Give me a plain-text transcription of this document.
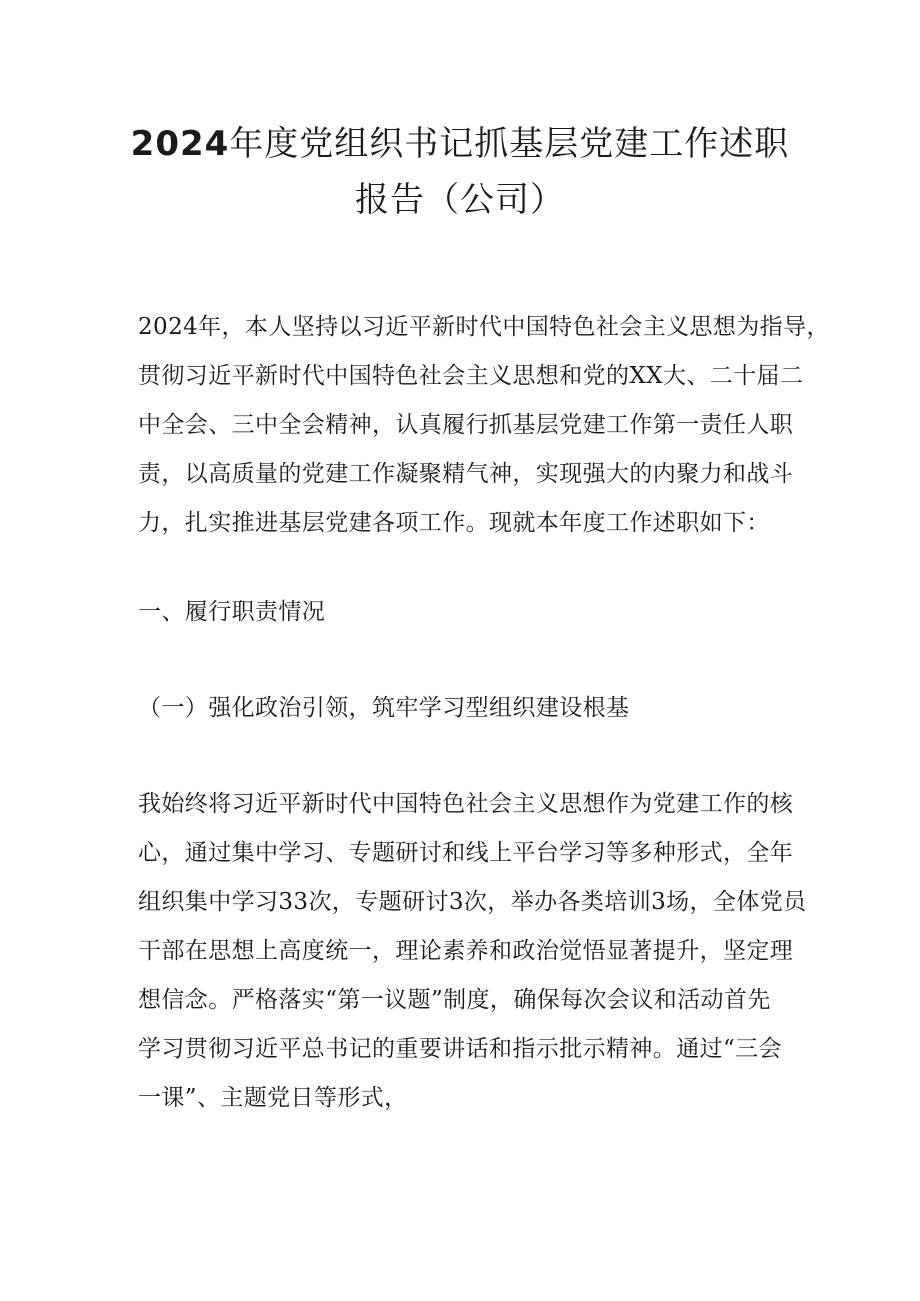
2024年度党组织书记抓基层党建工作述职
报告（公司）
2024年，本人坚持以习近平新时代中国特色社会主义思想为指导，
贯彻习近平新时代中国特色社会主义思想和党的XX大、二十届二
中全会、三中全会精神，认真履行抓基层党建工作第一责任人职
责，以高质量的党建工作凝聚精气神，实现强大的内聚力和战斗
力，扎实推进基层党建各项工作。现就本年度工作述职如下：
一、履行职责情况
（一）强化政治引领，筑牢学习型组织建设根基
我始终将习近平新时代中国特色社会主义思想作为党建工作的核
心，通过集中学习、专题研讨和线上平台学习等多种形式，全年
组织集中学习33次，专题研讨3次，举办各类培训3场，全体党员
干部在思想上高度统一，理论素养和政治觉悟显著提升，坚定理
想信念。严格落实“第一议题”制度，确保每次会议和活动首先
学习贯彻习近平总书记的重要讲话和指示批示精神。通过“三会
一课”、主题党日等形式，
